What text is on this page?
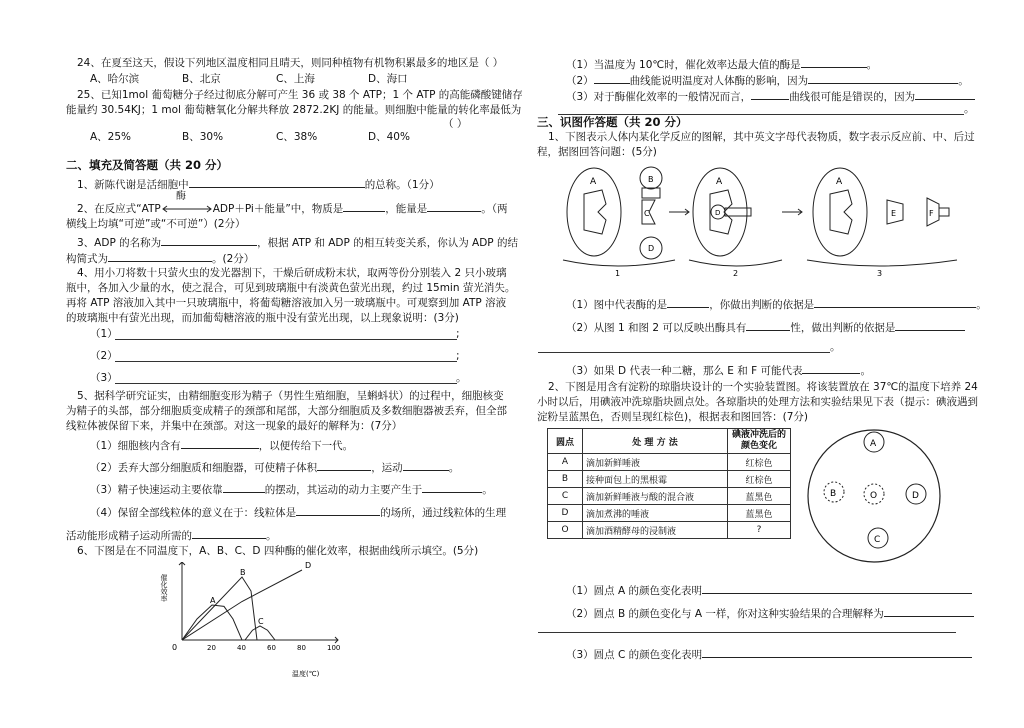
24、在夏至这天，假设下列地区温度相同且晴天，则同种植物有机物积累最多的地区是（ ）
A、哈尔滨	B、北京	C、上海	D、海口
25、已知1mol 葡萄糖分子经过彻底分解可产生 36 或 38 个 ATP；1 个 ATP 的高能磷酸键储存
能量约 30.54KJ；1 mol 葡萄糖氧化分解共释放 2872.2KJ 的能量。则细胞中能量的转化率最低为
（ ）
A、25%	B、30%	C、38%	D、40%
二、填充及简答题（共 20 分）
1、新陈代谢是活细胞中	的总称。（1分）
酶
2、在反应式“ATP	ADP＋Pi＋能量”中，物质是	，能量是	。（两
横线上均填“可逆”或“不可逆”）(2分）
3、ADP 的名称为	，根据 ATP 和 ADP 的相互转变关系，你认为 ADP 的结
构简式为	。(2分）
4、用小刀将数十只萤火虫的发光器割下，干燥后研成粉末状，取两等份分别装入 2 只小玻璃
瓶中，各加入少量的水，使之混合，可见到玻璃瓶中有淡黄色萤光出现，约过 15min 萤光消失。
再将 ATP 溶液加入其中一只玻璃瓶中，将葡萄糖溶液加入另一玻璃瓶中。可观察到加 ATP 溶液
的玻璃瓶中有萤光出现，而加葡萄糖溶液的瓶中没有萤光出现，以上现象说明：(3分)
（1）	;
（2）	;
（3）	。
5、据科学研究证实，由精细胞变形为精子（男性生殖细胞，呈蝌蚪状）的过程中，细胞核变
为精子的头部，部分细胞质变成精子的颈部和尾部，大部分细胞质及多数细胞器被丢弃，但全部
线粒体被保留下来，并集中在颈部。对这一现象的最好的解释为：(7分）
（1）细胞核内含有	，以便传给下一代。
（2）丢弃大部分细胞质和细胞器，可使精子体积	，运动	。
（3）精子快速运动主要依靠	的摆动，其运动的动力主要产生于	。
（4）保留全部线粒体的意义在于：线粒体是	的场所，通过线粒体的生理
活动能形成精子运动所需的	。
6、下图是在不同温度下，A、B、C、D 四种酶的催化效率，根据曲线所示填空。(5分)
0	20	40	60	80	100
温度(℃)
催化效率	A
B
C
D
（1）当温度为 10℃时，催化效率达最大值的酶是	。
（2）	曲线能说明温度对人体酶的影响，因为	。
（3）对于酶催化效率的一般情况而言，	曲线很可能是错误的，因为
。
三、识图作答题（共 20 分）
1、下图表示人体内某化学反应的图解，其中英文字母代表物质，数字表示反应前、中、后过
程，据图回答问题：(5分)
A	B
C
D
A
D
A
E	F
1	2	3
（1）图中代表酶的是	，你做出判断的依据是	。
（2）从图 1 和图 2 可以反映出酶具有	性，做出判断的依据是
。
（3）如果 D 代表一种二糖，那么 E 和 F 可能代表	。
2、下图是用含有淀粉的琼脂块设计的一个实验装置图。将该装置放在 37℃的温度下培养 24
小时以后，用碘液冲洗琼脂块圆点处。各琼脂块的处理方法和实验结果见下表（提示：碘液遇到
淀粉呈蓝黑色，否则呈现红棕色)，根据表和图回答：(7分)
圆点	处 理 方 法	碘液冲洗后的颜色变化
A	滴加新鲜唾液	红棕色
B	接种面包上的黑根霉	红棕色
C	滴加新鲜唾液与酸的混合液	蓝黑色
D	滴加煮沸的唾液	蓝黑色
O	滴加酒精酵母的浸制液	?
A
B	O	D
C
（1）圆点 A 的颜色变化表明
（2）圆点 B 的颜色变化与 A 一样，你对这种实验结果的合理解释为
（3）圆点 C 的颜色变化表明
